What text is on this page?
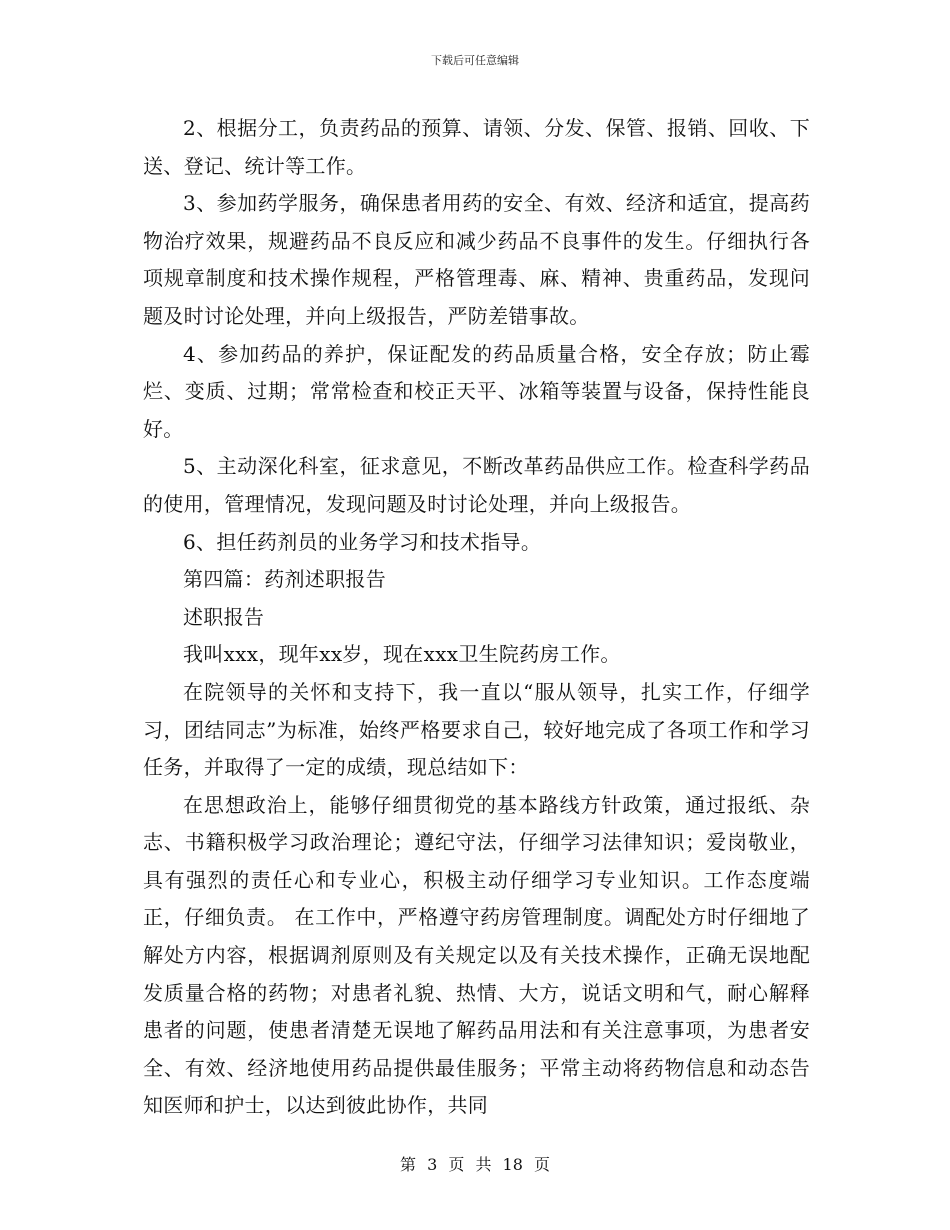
下载后可任意编辑

2、根据分工，负责药品的预算、请领、分发、保管、报销、回收、下送、登记、统计等工作。

3、参加药学服务，确保患者用药的安全、有效、经济和适宜，提高药物治疗效果，规避药品不良反应和减少药品不良事件的发生。仔细执行各项规章制度和技术操作规程，严格管理毒、麻、精神、贵重药品，发现问题及时讨论处理，并向上级报告，严防差错事故。

4、参加药品的养护，保证配发的药品质量合格，安全存放；防止霉烂、变质、过期；常常检查和校正天平、冰箱等装置与设备，保持性能良好。

5、主动深化科室，征求意见，不断改革药品供应工作。检查科学药品的使用，管理情况，发现问题及时讨论处理，并向上级报告。

6、担任药剂员的业务学习和技术指导。

第四篇：药剂述职报告

述职报告

我叫xxx，现年xx岁，现在xxx卫生院药房工作。

在院领导的关怀和支持下，我一直以“服从领导，扎实工作，仔细学习，团结同志”为标准，始终严格要求自己，较好地完成了各项工作和学习任务，并取得了一定的成绩，现总结如下：

在思想政治上，能够仔细贯彻党的基本路线方针政策，通过报纸、杂志、书籍积极学习政治理论；遵纪守法，仔细学习法律知识；爱岗敬业，具有强烈的责任心和专业心，积极主动仔细学习专业知识。工作态度端正，仔细负责。 在工作中，严格遵守药房管理制度。调配处方时仔细地了解处方内容，根据调剂原则及有关规定以及有关技术操作，正确无误地配发质量合格的药物；对患者礼貌、热情、大方，说话文明和气，耐心解释患者的问题，使患者清楚无误地了解药品用法和有关注意事项，为患者安全、有效、经济地使用药品提供最佳服务；平常主动将药物信息和动态告知医师和护士，以达到彼此协作，共同

第 3 页 共 18 页
